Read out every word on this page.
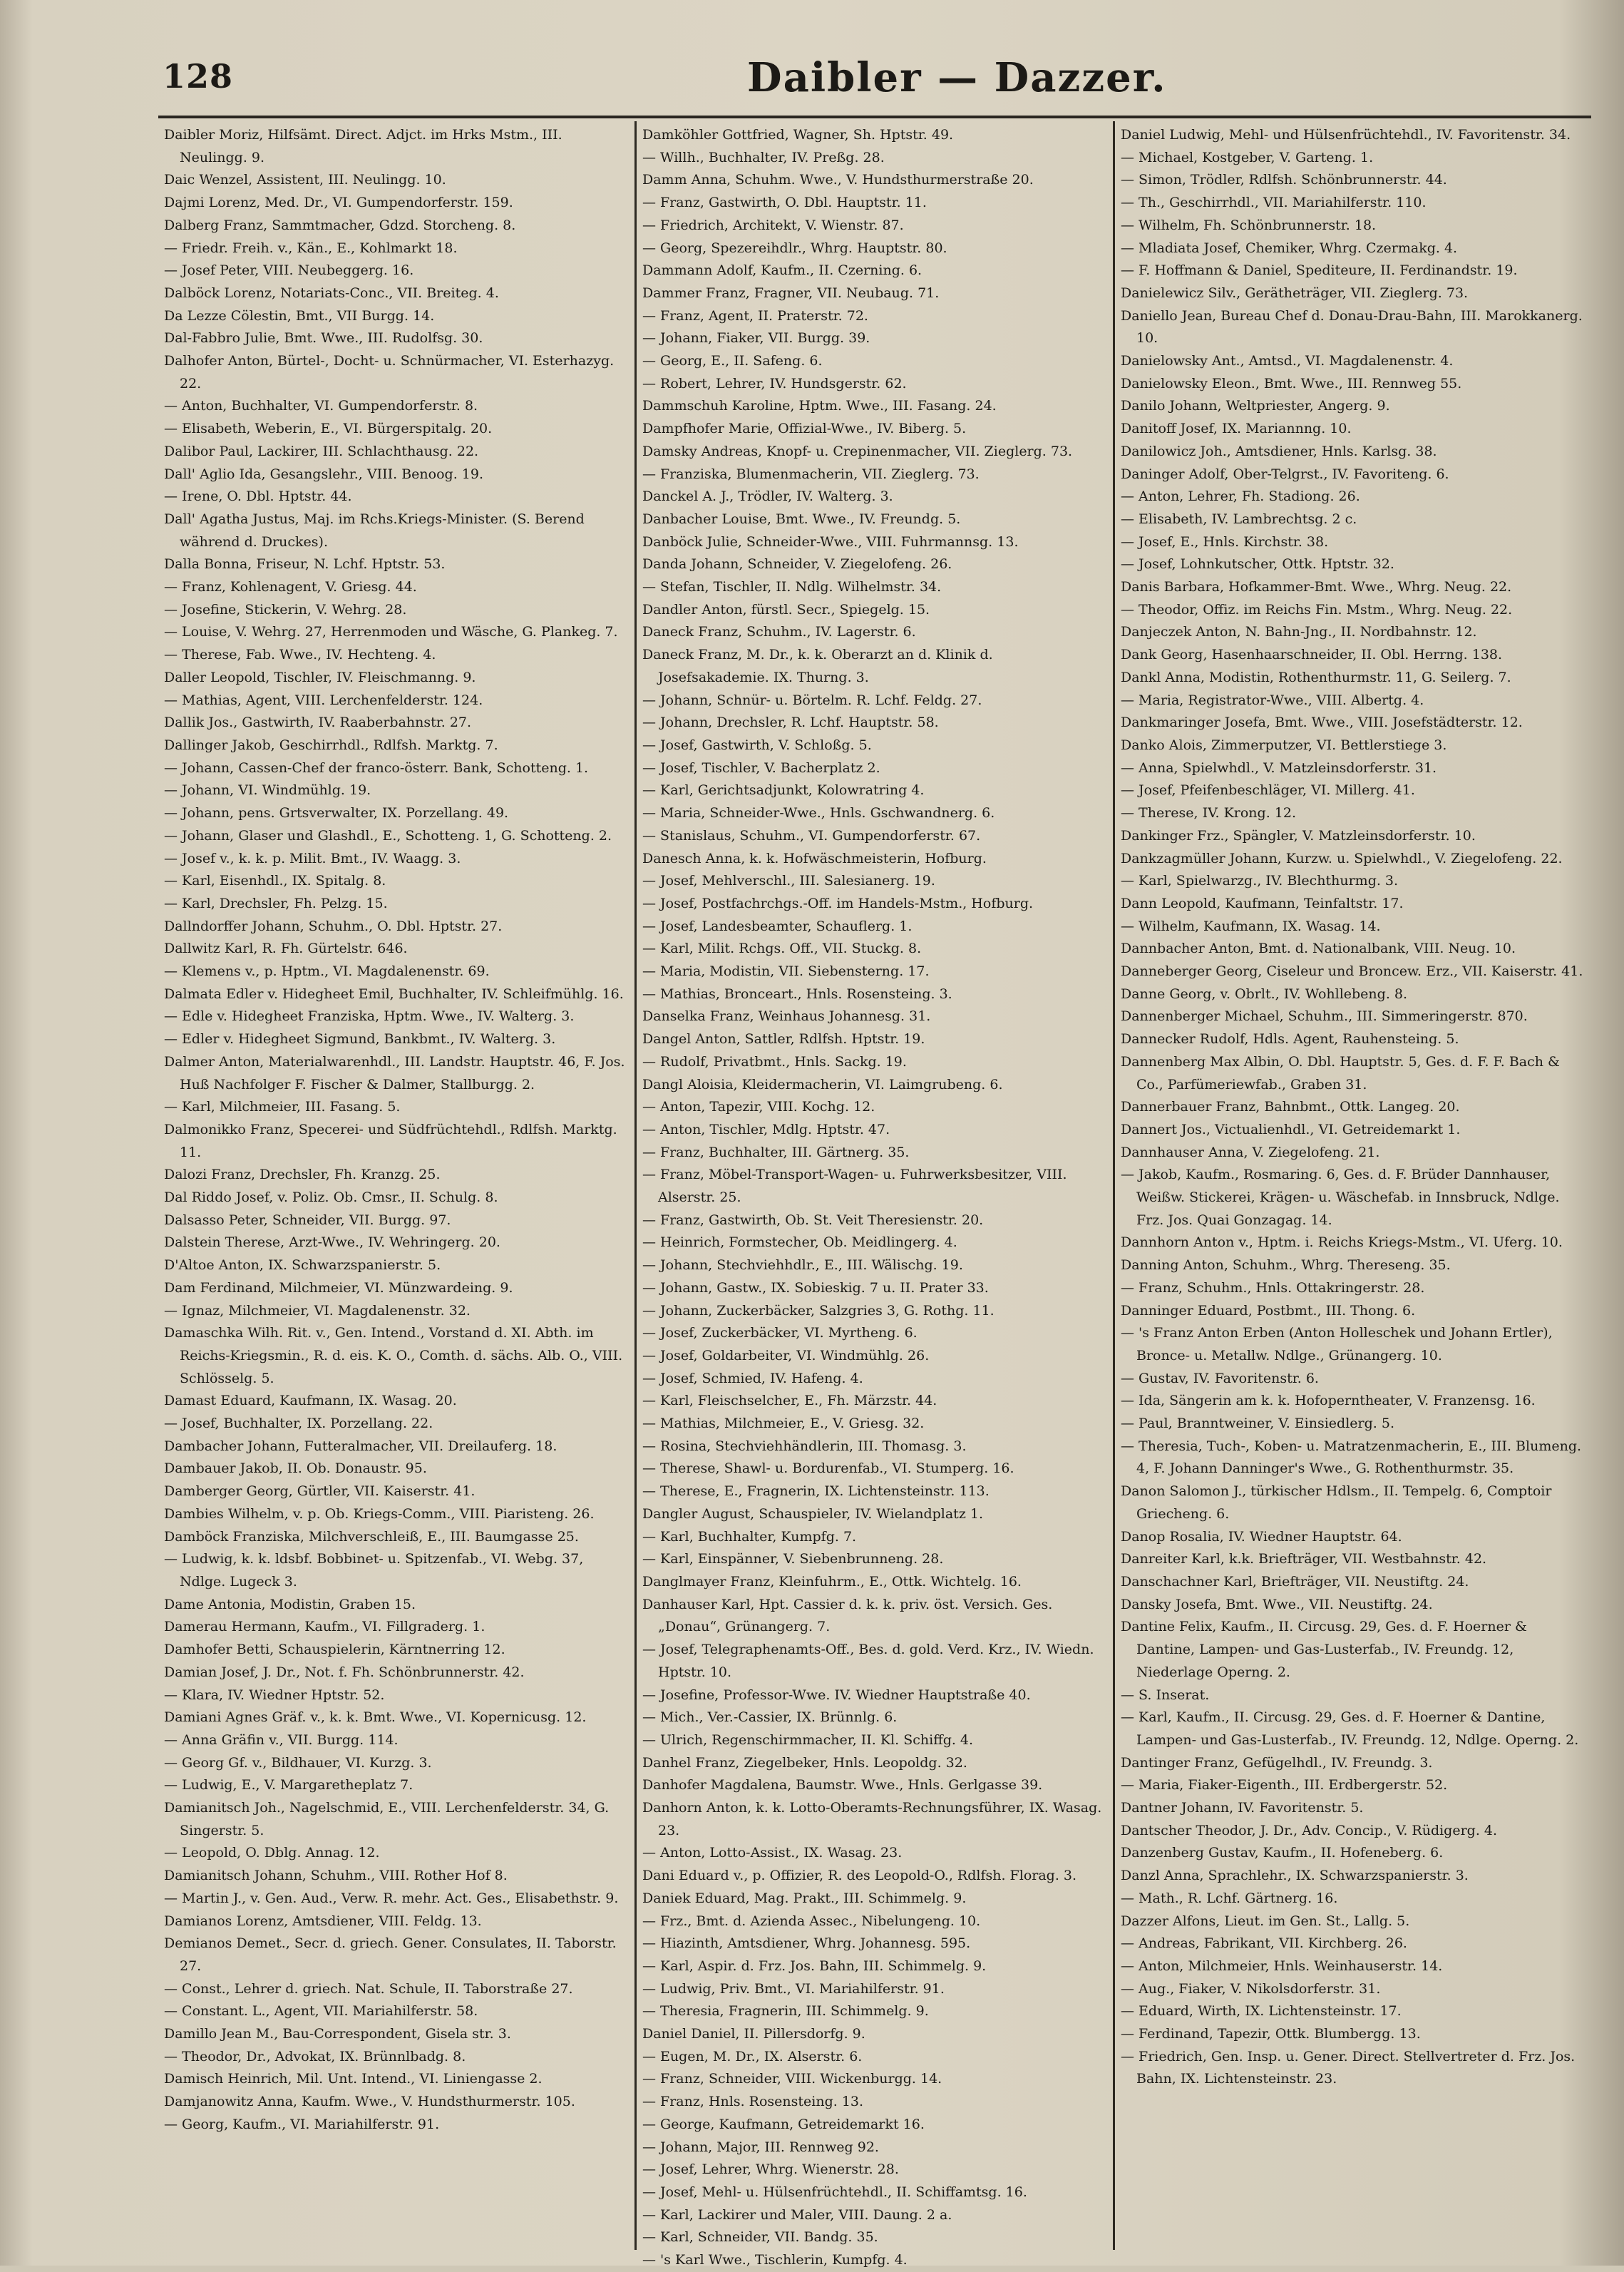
128	Daibler — Dazzer.
Daibler Moriz, Hilfsämt. Direct. Adjct. im Hrks Mstm., III. Neulingg. 9.
Daic Wenzel, Assistent, III. Neulingg. 10.
Dajmi Lorenz, Med. Dr., VI. Gumpendorferstr. 159.
Dalberg Franz, Sammtmacher, Gdzd. Storcheng. 8.
— Friedr. Freih. v., Kän., E., Kohlmarkt 18.
— Josef Peter, VIII. Neubeggerg. 16.
Dalböck Lorenz, Notariats-Conc., VII. Breiteg. 4.
Da Lezze Cölestin, Bmt., VII Burgg. 14.
Dal-Fabbro Julie, Bmt. Wwe., III. Rudolfsg. 30.
Dalhofer Anton, Bürtel-, Docht- u. Schnürmacher, VI. Esterhazyg. 22.
— Anton, Buchhalter, VI. Gumpendorferstr. 8.
— Elisabeth, Weberin, E., VI. Bürgerspitalg. 20.
Dalibor Paul, Lackirer, III. Schlachthausg. 22.
Dall' Aglio Ida, Gesangslehr., VIII. Benoog. 19.
— Irene, O. Dbl. Hptstr. 44.
Dall' Agatha Justus, Maj. im Rchs.Kriegs-Minister. (S. Berend während d. Druckes).
Dalla Bonna, Friseur, N. Lchf. Hptstr. 53.
— Franz, Kohlenagent, V. Griesg. 44.
— Josefine, Stickerin, V. Wehrg. 28.
— Louise, V. Wehrg. 27, Herrenmoden und Wäsche, G. Plankeg. 7.
— Therese, Fab. Wwe., IV. Hechteng. 4.
Daller Leopold, Tischler, IV. Fleischmanng. 9.
— Mathias, Agent, VIII. Lerchenfelderstr. 124.
Dallik Jos., Gastwirth, IV. Raaberbahnstr. 27.
Dallinger Jakob, Geschirrhdl., Rdlfsh. Marktg. 7.
— Johann, Cassen-Chef der franco-österr. Bank, Schotteng. 1.
— Johann, VI. Windmühlg. 19.
— Johann, pens. Grtsverwalter, IX. Porzellang. 49.
— Johann, Glaser und Glashdl., E., Schotteng. 1, G. Schotteng. 2.
— Josef v., k. k. p. Milit. Bmt., IV. Waagg. 3.
— Karl, Eisenhdl., IX. Spitalg. 8.
— Karl, Drechsler, Fh. Pelzg. 15.
Dallndorffer Johann, Schuhm., O. Dbl. Hptstr. 27.
Dallwitz Karl, R. Fh. Gürtelstr. 646.
— Klemens v., p. Hptm., VI. Magdalenenstr. 69.
Dalmata Edler v. Hidegheet Emil, Buchhalter, IV. Schleifmühlg. 16.
— Edle v. Hidegheet Franziska, Hptm. Wwe., IV. Walterg. 3.
— Edler v. Hidegheet Sigmund, Bankbmt., IV. Walterg. 3.
Dalmer Anton, Materialwarenhdl., III. Landstr. Hauptstr. 46, F. Jos. Huß Nachfolger F. Fischer & Dalmer, Stallburgg. 2.
— Karl, Milchmeier, III. Fasang. 5.
Dalmonikko Franz, Specerei- und Südfrüchtehdl., Rdlfsh. Marktg. 11.
Dalozi Franz, Drechsler, Fh. Kranzg. 25.
Dal Riddo Josef, v. Poliz. Ob. Cmsr., II. Schulg. 8.
Dalsasso Peter, Schneider, VII. Burgg. 97.
Dalstein Therese, Arzt-Wwe., IV. Wehringerg. 20.
D'Altoe Anton, IX. Schwarzspanierstr. 5.
Dam Ferdinand, Milchmeier, VI. Münzwardeing. 9.
— Ignaz, Milchmeier, VI. Magdalenenstr. 32.
Damaschka Wilh. Rit. v., Gen. Intend., Vorstand d. XI. Abth. im Reichs-Kriegsmin., R. d. eis. K. O., Comth. d. sächs. Alb. O., VIII. Schlösselg. 5.
Damast Eduard, Kaufmann, IX. Wasag. 20.
— Josef, Buchhalter, IX. Porzellang. 22.
Dambacher Johann, Futteralmacher, VII. Dreilauferg. 18.
Dambauer Jakob, II. Ob. Donaustr. 95.
Damberger Georg, Gürtler, VII. Kaiserstr. 41.
Dambies Wilhelm, v. p. Ob. Kriegs-Comm., VIII. Piaristeng. 26.
Damböck Franziska, Milchverschleiß, E., III. Baumgasse 25.
— Ludwig, k. k. ldsbf. Bobbinet- u. Spitzenfab., VI. Webg. 37, Ndlge. Lugeck 3.
Dame Antonia, Modistin, Graben 15.
Damerau Hermann, Kaufm., VI. Fillgraderg. 1.
Damhofer Betti, Schauspielerin, Kärntnerring 12.
Damian Josef, J. Dr., Not. f. Fh. Schönbrunnerstr. 42.
— Klara, IV. Wiedner Hptstr. 52.
Damiani Agnes Gräf. v., k. k. Bmt. Wwe., VI. Kopernicusg. 12.
— Anna Gräfin v., VII. Burgg. 114.
— Georg Gf. v., Bildhauer, VI. Kurzg. 3.
— Ludwig, E., V. Margaretheplatz 7.
Damianitsch Joh., Nagelschmid, E., VIII. Lerchenfelderstr. 34, G. Singerstr. 5.
— Leopold, O. Dblg. Annag. 12.
Damianitsch Johann, Schuhm., VIII. Rother Hof 8.
— Martin J., v. Gen. Aud., Verw. R. mehr. Act. Ges., Elisabethstr. 9.
Damianos Lorenz, Amtsdiener, VIII. Feldg. 13.
Demianos Demet., Secr. d. griech. Gener. Consulates, II. Taborstr. 27.
— Const., Lehrer d. griech. Nat. Schule, II. Taborstraße 27.
— Constant. L., Agent, VII. Mariahilferstr. 58.
Damillo Jean M., Bau-Correspondent, Gisela str. 3.
— Theodor, Dr., Advokat, IX. Brünnlbadg. 8.
Damisch Heinrich, Mil. Unt. Intend., VI. Liniengasse 2.
Damjanowitz Anna, Kaufm. Wwe., V. Hundsthurmerstr. 105.
— Georg, Kaufm., VI. Mariahilferstr. 91.
Damköhler Gottfried, Wagner, Sh. Hptstr. 49.
— Willh., Buchhalter, IV. Preßg. 28.
Damm Anna, Schuhm. Wwe., V. Hundsthurmerstraße 20.
— Franz, Gastwirth, O. Dbl. Hauptstr. 11.
— Friedrich, Architekt, V. Wienstr. 87.
— Georg, Spezereihdlr., Whrg. Hauptstr. 80.
Dammann Adolf, Kaufm., II. Czerning. 6.
Dammer Franz, Fragner, VII. Neubaug. 71.
— Franz, Agent, II. Praterstr. 72.
— Johann, Fiaker, VII. Burgg. 39.
— Georg, E., II. Safeng. 6.
— Robert, Lehrer, IV. Hundsgerstr. 62.
Dammschuh Karoline, Hptm. Wwe., III. Fasang. 24.
Dampfhofer Marie, Offizial-Wwe., IV. Biberg. 5.
Damsky Andreas, Knopf- u. Crepinenmacher, VII. Zieglerg. 73.
— Franziska, Blumenmacherin, VII. Zieglerg. 73.
Danckel A. J., Trödler, IV. Walterg. 3.
Danbacher Louise, Bmt. Wwe., IV. Freundg. 5.
Danböck Julie, Schneider-Wwe., VIII. Fuhrmannsg. 13.
Danda Johann, Schneider, V. Ziegelofeng. 26.
— Stefan, Tischler, II. Ndlg. Wilhelmstr. 34.
Dandler Anton, fürstl. Secr., Spiegelg. 15.
Daneck Franz, Schuhm., IV. Lagerstr. 6.
Daneck Franz, M. Dr., k. k. Oberarzt an d. Klinik d. Josefsakademie. IX. Thurng. 3.
— Johann, Schnür- u. Börtelm. R. Lchf. Feldg. 27.
— Johann, Drechsler, R. Lchf. Hauptstr. 58.
— Josef, Gastwirth, V. Schloßg. 5.
— Josef, Tischler, V. Bacherplatz 2.
— Karl, Gerichtsadjunkt, Kolowratring 4.
— Maria, Schneider-Wwe., Hnls. Gschwandnerg. 6.
— Stanislaus, Schuhm., VI. Gumpendorferstr. 67.
Danesch Anna, k. k. Hofwäschmeisterin, Hofburg.
— Josef, Mehlverschl., III. Salesianerg. 19.
— Josef, Postfachrchgs.-Off. im Handels-Mstm., Hofburg.
— Josef, Landesbeamter, Schauflerg. 1.
— Karl, Milit. Rchgs. Off., VII. Stuckg. 8.
— Maria, Modistin, VII. Siebensterng. 17.
— Mathias, Bronceart., Hnls. Rosensteing. 3.
Danselka Franz, Weinhaus Johannesg. 31.
Dangel Anton, Sattler, Rdlfsh. Hptstr. 19.
— Rudolf, Privatbmt., Hnls. Sackg. 19.
Dangl Aloisia, Kleidermacherin, VI. Laimgrubeng. 6.
— Anton, Tapezir, VIII. Kochg. 12.
— Anton, Tischler, Mdlg. Hptstr. 47.
— Franz, Buchhalter, III. Gärtnerg. 35.
— Franz, Möbel-Transport-Wagen- u. Fuhrwerksbesitzer, VIII. Alserstr. 25.
— Franz, Gastwirth, Ob. St. Veit Theresienstr. 20.
— Heinrich, Formstecher, Ob. Meidlingerg. 4.
— Johann, Stechviehhdlr., E., III. Wälischg. 19.
— Johann, Gastw., IX. Sobieskig. 7 u. II. Prater 33.
— Johann, Zuckerbäcker, Salzgries 3, G. Rothg. 11.
— Josef, Zuckerbäcker, VI. Myrtheng. 6.
— Josef, Goldarbeiter, VI. Windmühlg. 26.
— Josef, Schmied, IV. Hafeng. 4.
— Karl, Fleischselcher, E., Fh. Märzstr. 44.
— Mathias, Milchmeier, E., V. Griesg. 32.
— Rosina, Stechviehhändlerin, III. Thomasg. 3.
— Therese, Shawl- u. Bordurenfab., VI. Stumperg. 16.
— Therese, E., Fragnerin, IX. Lichtensteinstr. 113.
Dangler August, Schauspieler, IV. Wielandplatz 1.
— Karl, Buchhalter, Kumpfg. 7.
— Karl, Einspänner, V. Siebenbrunneng. 28.
Danglmayer Franz, Kleinfuhrm., E., Ottk. Wichtelg. 16.
Danhauser Karl, Hpt. Cassier d. k. k. priv. öst. Versich. Ges. „Donau“, Grünangerg. 7.
— Josef, Telegraphenamts-Off., Bes. d. gold. Verd. Krz., IV. Wiedn. Hptstr. 10.
— Josefine, Professor-Wwe. IV. Wiedner Hauptstraße 40.
— Mich., Ver.-Cassier, IX. Brünnlg. 6.
— Ulrich, Regenschirmmacher, II. Kl. Schiffg. 4.
Danhel Franz, Ziegelbeker, Hnls. Leopoldg. 32.
Danhofer Magdalena, Baumstr. Wwe., Hnls. Gerlgasse 39.
Danhorn Anton, k. k. Lotto-Oberamts-Rechnungsführer, IX. Wasag. 23.
— Anton, Lotto-Assist., IX. Wasag. 23.
Dani Eduard v., p. Offizier, R. des Leopold-O., Rdlfsh. Florag. 3.
Daniek Eduard, Mag. Prakt., III. Schimmelg. 9.
— Frz., Bmt. d. Azienda Assec., Nibelungeng. 10.
— Hiazinth, Amtsdiener, Whrg. Johannesg. 595.
— Karl, Aspir. d. Frz. Jos. Bahn, III. Schimmelg. 9.
— Ludwig, Priv. Bmt., VI. Mariahilferstr. 91.
— Theresia, Fragnerin, III. Schimmelg. 9.
Daniel Daniel, II. Pillersdorfg. 9.
— Eugen, M. Dr., IX. Alserstr. 6.
— Franz, Schneider, VIII. Wickenburgg. 14.
— Franz, Hnls. Rosensteing. 13.
— George, Kaufmann, Getreidemarkt 16.
— Johann, Major, III. Rennweg 92.
— Josef, Lehrer, Whrg. Wienerstr. 28.
— Josef, Mehl- u. Hülsenfrüchtehdl., II. Schiffamtsg. 16.
— Karl, Lackirer und Maler, VIII. Daung. 2 a.
— Karl, Schneider, VII. Bandg. 35.
— 's Karl Wwe., Tischlerin, Kumpfg. 4.
Daniel Ludwig, Mehl- und Hülsenfrüchtehdl., IV. Favoritenstr. 34.
— Michael, Kostgeber, V. Garteng. 1.
— Simon, Trödler, Rdlfsh. Schönbrunnerstr. 44.
— Th., Geschirrhdl., VII. Mariahilferstr. 110.
— Wilhelm, Fh. Schönbrunnerstr. 18.
— Mladiata Josef, Chemiker, Whrg. Czermakg. 4.
— F. Hoffmann & Daniel, Spediteure, II. Ferdinandstr. 19.
Danielewicz Silv., Gerätheträger, VII. Zieglerg. 73.
Daniello Jean, Bureau Chef d. Donau-Drau-Bahn, III. Marokkanerg. 10.
Danielowsky Ant., Amtsd., VI. Magdalenenstr. 4.
Danielowsky Eleon., Bmt. Wwe., III. Rennweg 55.
Danilo Johann, Weltpriester, Angerg. 9.
Danitoff Josef, IX. Mariannng. 10.
Danilowicz Joh., Amtsdiener, Hnls. Karlsg. 38.
Daninger Adolf, Ober-Telgrst., IV. Favoriteng. 6.
— Anton, Lehrer, Fh. Stadiong. 26.
— Elisabeth, IV. Lambrechtsg. 2 c.
— Josef, E., Hnls. Kirchstr. 38.
— Josef, Lohnkutscher, Ottk. Hptstr. 32.
Danis Barbara, Hofkammer-Bmt. Wwe., Whrg. Neug. 22.
— Theodor, Offiz. im Reichs Fin. Mstm., Whrg. Neug. 22.
Danjeczek Anton, N. Bahn-Jng., II. Nordbahnstr. 12.
Dank Georg, Hasenhaarschneider, II. Obl. Herrng. 138.
Dankl Anna, Modistin, Rothenthurmstr. 11, G. Seilerg. 7.
— Maria, Registrator-Wwe., VIII. Albertg. 4.
Dankmaringer Josefa, Bmt. Wwe., VIII. Josefstädterstr. 12.
Danko Alois, Zimmerputzer, VI. Bettlerstiege 3.
— Anna, Spielwhdl., V. Matzleinsdorferstr. 31.
— Josef, Pfeifenbeschläger, VI. Millerg. 41.
— Therese, IV. Krong. 12.
Dankinger Frz., Spängler, V. Matzleinsdorferstr. 10.
Dankzagmüller Johann, Kurzw. u. Spielwhdl., V. Ziegelofeng. 22.
— Karl, Spielwarzg., IV. Blechthurmg. 3.
Dann Leopold, Kaufmann, Teinfaltstr. 17.
— Wilhelm, Kaufmann, IX. Wasag. 14.
Dannbacher Anton, Bmt. d. Nationalbank, VIII. Neug. 10.
Danneberger Georg, Ciseleur und Broncew. Erz., VII. Kaiserstr. 41.
Danne Georg, v. Obrlt., IV. Wohllebeng. 8.
Dannenberger Michael, Schuhm., III. Simmeringerstr. 870.
Dannecker Rudolf, Hdls. Agent, Rauhensteing. 5.
Dannenberg Max Albin, O. Dbl. Hauptstr. 5, Ges. d. F. F. Bach & Co., Parfümeriewfab., Graben 31.
Dannerbauer Franz, Bahnbmt., Ottk. Langeg. 20.
Dannert Jos., Victualienhdl., VI. Getreidemarkt 1.
Dannhauser Anna, V. Ziegelofeng. 21.
— Jakob, Kaufm., Rosmaring. 6, Ges. d. F. Brüder Dannhauser, Weißw. Stickerei, Krägen- u. Wäschefab. in Innsbruck, Ndlge. Frz. Jos. Quai Gonzagag. 14.
Dannhorn Anton v., Hptm. i. Reichs Kriegs-Mstm., VI. Uferg. 10.
Danning Anton, Schuhm., Whrg. Thereseng. 35.
— Franz, Schuhm., Hnls. Ottakringerstr. 28.
Danninger Eduard, Postbmt., III. Thong. 6.
— 's Franz Anton Erben (Anton Holleschek und Johann Ertler), Bronce- u. Metallw. Ndlge., Grünangerg. 10.
— Gustav, IV. Favoritenstr. 6.
— Ida, Sängerin am k. k. Hofoperntheater, V. Franzensg. 16.
— Paul, Branntweiner, V. Einsiedlerg. 5.
— Theresia, Tuch-, Koben- u. Matratzenmacherin, E., III. Blumeng. 4, F. Johann Danninger's Wwe., G. Rothenthurmstr. 35.
Danon Salomon J., türkischer Hdlsm., II. Tempelg. 6, Comptoir Griecheng. 6.
Danop Rosalia, IV. Wiedner Hauptstr. 64.
Danreiter Karl, k.k. Briefträger, VII. Westbahnstr. 42.
Danschachner Karl, Briefträger, VII. Neustiftg. 24.
Dansky Josefa, Bmt. Wwe., VII. Neustiftg. 24.
Dantine Felix, Kaufm., II. Circusg. 29, Ges. d. F. Hoerner & Dantine, Lampen- und Gas-Lusterfab., IV. Freundg. 12, Niederlage Operng. 2.
— S. Inserat.
— Karl, Kaufm., II. Circusg. 29, Ges. d. F. Hoerner & Dantine, Lampen- und Gas-Lusterfab., IV. Freundg. 12, Ndlge. Operng. 2.
Dantinger Franz, Gefügelhdl., IV. Freundg. 3.
— Maria, Fiaker-Eigenth., III. Erdbergerstr. 52.
Dantner Johann, IV. Favoritenstr. 5.
Dantscher Theodor, J. Dr., Adv. Concip., V. Rüdigerg. 4.
Danzenberg Gustav, Kaufm., II. Hofeneberg. 6.
Danzl Anna, Sprachlehr., IX. Schwarzspanierstr. 3.
— Math., R. Lchf. Gärtnerg. 16.
Dazzer Alfons, Lieut. im Gen. St., Lallg. 5.
— Andreas, Fabrikant, VII. Kirchberg. 26.
— Anton, Milchmeier, Hnls. Weinhauserstr. 14.
— Aug., Fiaker, V. Nikolsdorferstr. 31.
— Eduard, Wirth, IX. Lichtensteinstr. 17.
— Ferdinand, Tapezir, Ottk. Blumbergg. 13.
— Friedrich, Gen. Insp. u. Gener. Direct. Stellvertreter d. Frz. Jos. Bahn, IX. Lichtensteinstr. 23.
